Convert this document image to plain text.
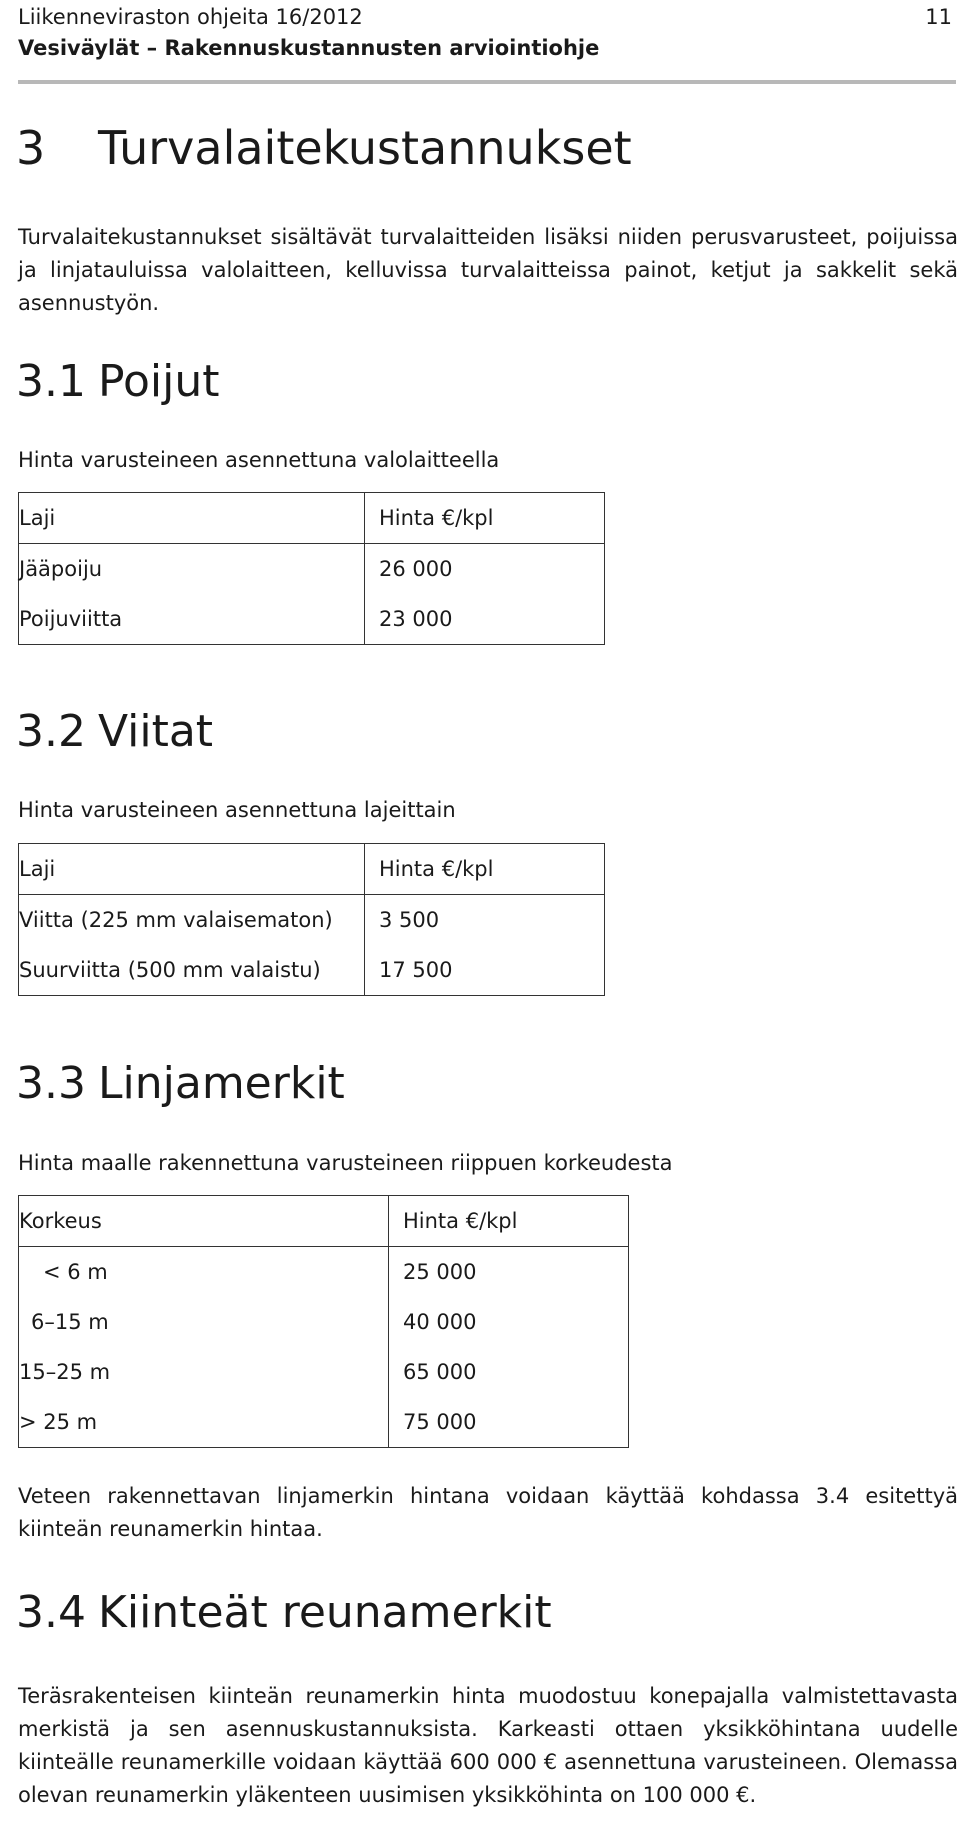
Liikenneviraston ohjeita 16/2012
Vesiväylät – Rakennuskustannusten arviointiohje
11
3 Turvalaitekustannukset
Turvalaitekustannukset sisältävät turvalaitteiden lisäksi niiden perusvarusteet, poijuissa ja linjatauluissa valolaitteen, kelluvissa turvalaitteissa painot, ketjut ja sakkelit sekä asennustyön.
3.1 Poijut
Hinta varusteineen asennettuna valolaitteella
Laji	Hinta €/kpl
Jääpoiju	26 000
Poijuviitta	23 000
3.2 Viitat
Hinta varusteineen asennettuna lajeittain
Laji	Hinta €/kpl
Viitta (225 mm valaisematon)	3 500
Suurviitta (500 mm valaistu)	17 500
3.3 Linjamerkit
Hinta maalle rakennettuna varusteineen riippuen korkeudesta
Korkeus	Hinta €/kpl
< 6 m	25 000
6–15 m	40 000
15–25 m	65 000
> 25 m	75 000
Veteen rakennettavan linjamerkin hintana voidaan käyttää kohdassa 3.4 esitettyä kiinteän reunamerkin hintaa.
3.4 Kiinteät reunamerkit
Teräsrakenteisen kiinteän reunamerkin hinta muodostuu konepajalla valmistettavasta merkistä ja sen asennuskustannuksista. Karkeasti ottaen yksikköhintana uudelle kiinteälle reunamerkille voidaan käyttää 600 000 € asennettuna varusteineen. Olemassa olevan reunamerkin yläkenteen uusimisen yksikköhinta on 100 000 €.
